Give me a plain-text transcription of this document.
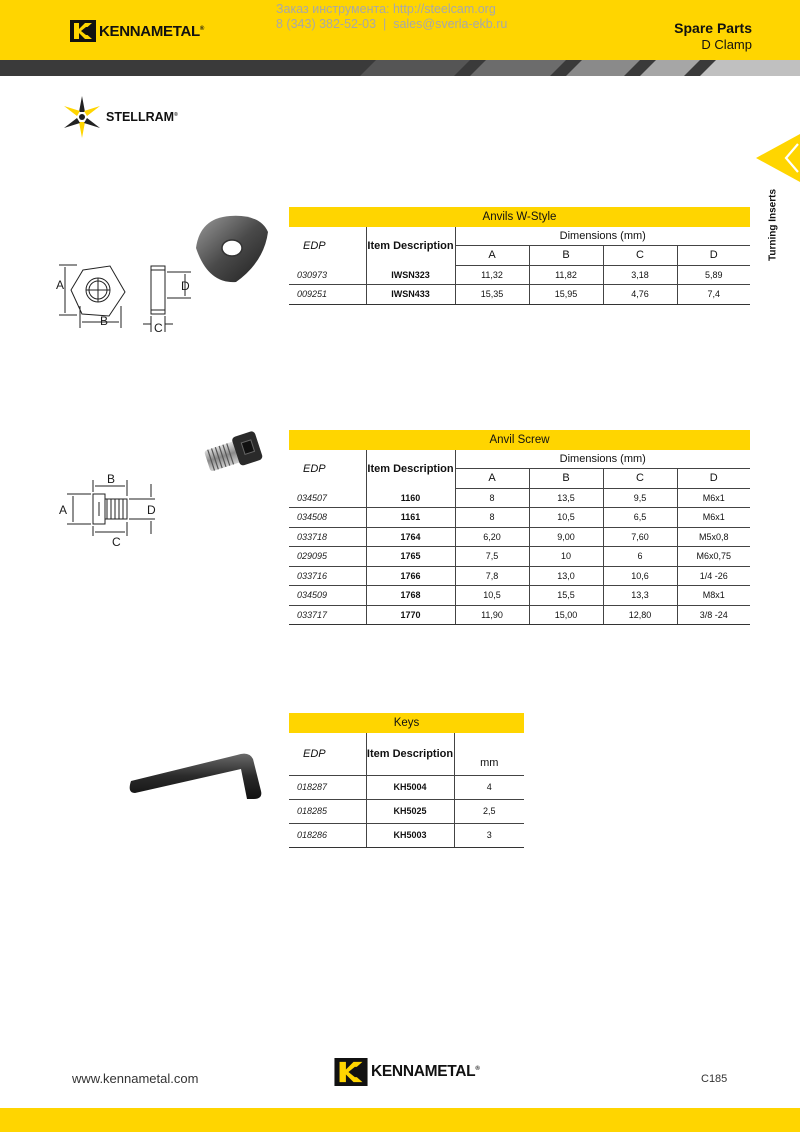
KENNAMETAL®
Заказ инструмента: http://steelcam.org
8 (343) 382-52-03  |  sales@sverla-ekb.ru	Spare Parts
D Clamp
STELLRAM®
Turning Inserts
A
B	C
D
Anvils W-Style					
EDP	Item Description	Dimensions (mm)			
		A	B	C	D
030973	IWSN323	11,32	11,82	3,18	5,89
009251	IWSN433	15,35	15,95	4,76	7,4
B
A
C
D
Anvil Screw					
EDP	Item Description	Dimensions (mm)			
		A	B	C	D
034507	1160	8	13,5	9,5	M6x1
034508	1161	8	10,5	6,5	M6x1
033718	1764	6,20	9,00	7,60	M5x0,8
029095	1765	7,5	10	6	M6x0,75
033716	1766	7,8	13,0	10,6	1/4 -26
034509	1768	10,5	15,5	13,3	M8x1
033717	1770	11,90	15,00	12,80	3/8 -24
Keys		
EDP	Item Description	mm
018287	KH5004	4
018285	KH5025	2,5
018286	KH5003	3
www.kennametal.com	KENNAMETAL®
C185
